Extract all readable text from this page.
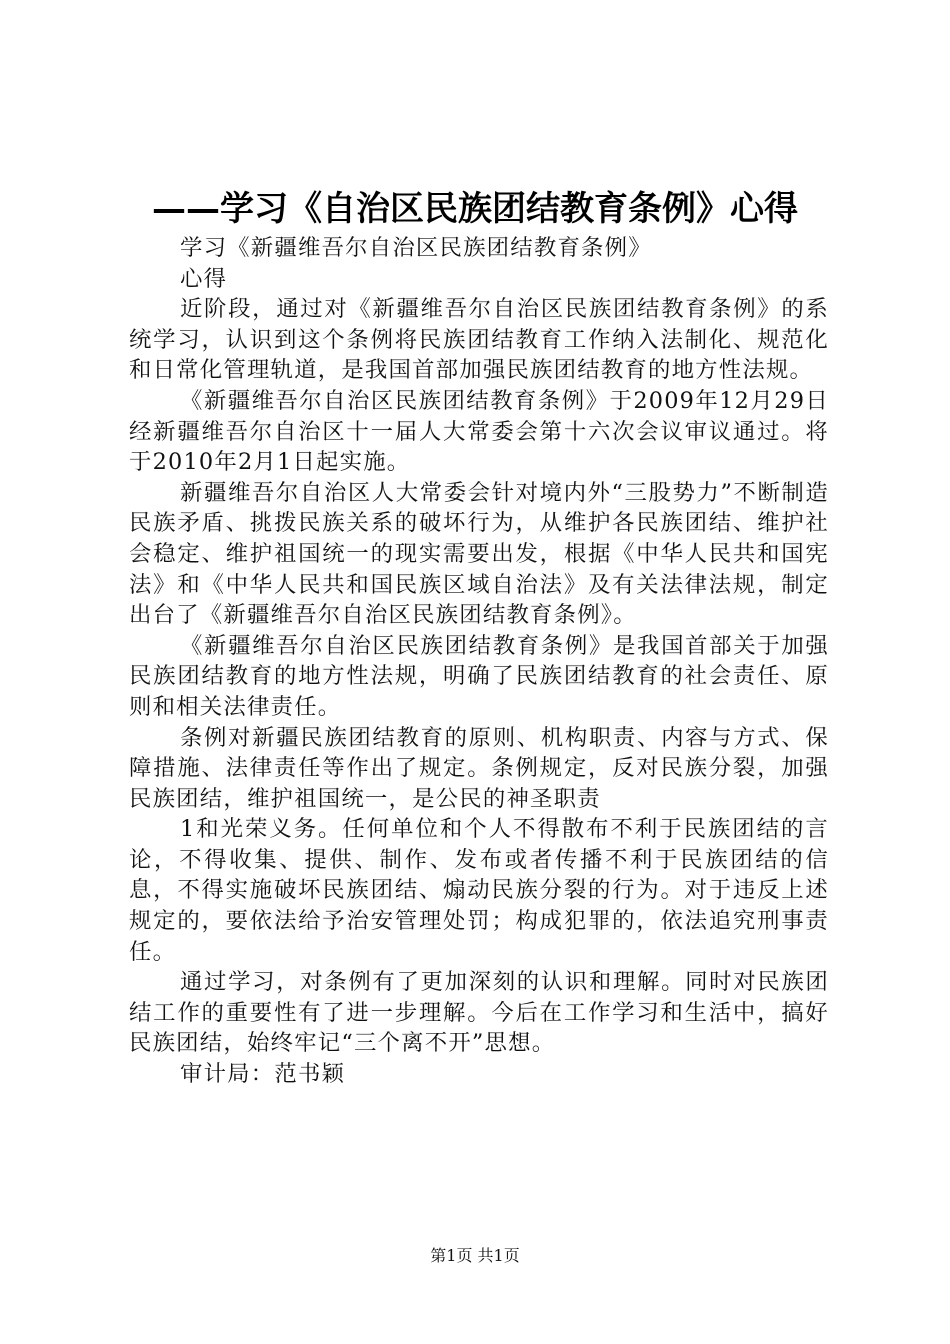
——学习《自治区民族团结教育条例》心得

学习《新疆维吾尔自治区民族团结教育条例》

心得

近阶段，通过对《新疆维吾尔自治区民族团结教育条例》的系统学习，认识到这个条例将民族团结教育工作纳入法制化、规范化和日常化管理轨道，是我国首部加强民族团结教育的地方性法规。

《新疆维吾尔自治区民族团结教育条例》于2009年12月29日经新疆维吾尔自治区十一届人大常委会第十六次会议审议通过。将于2010年2月1日起实施。

新疆维吾尔自治区人大常委会针对境内外“三股势力”不断制造民族矛盾、挑拨民族关系的破坏行为，从维护各民族团结、维护社会稳定、维护祖国统一的现实需要出发，根据《中华人民共和国宪法》和《中华人民共和国民族区域自治法》及有关法律法规，制定出台了《新疆维吾尔自治区民族团结教育条例》。

《新疆维吾尔自治区民族团结教育条例》是我国首部关于加强民族团结教育的地方性法规，明确了民族团结教育的社会责任、原则和相关法律责任。

条例对新疆民族团结教育的原则、机构职责、内容与方式、保障措施、法律责任等作出了规定。条例规定，反对民族分裂，加强民族团结，维护祖国统一，是公民的神圣职责

1和光荣义务。任何单位和个人不得散布不利于民族团结的言论，不得收集、提供、制作、发布或者传播不利于民族团结的信息，不得实施破坏民族团结、煽动民族分裂的行为。对于违反上述规定的，要依法给予治安管理处罚；构成犯罪的，依法追究刑事责任。

通过学习，对条例有了更加深刻的认识和理解。同时对民族团结工作的重要性有了进一步理解。今后在工作学习和生活中，搞好民族团结，始终牢记“三个离不开”思想。

审计局：范书颖

第1页 共1页
